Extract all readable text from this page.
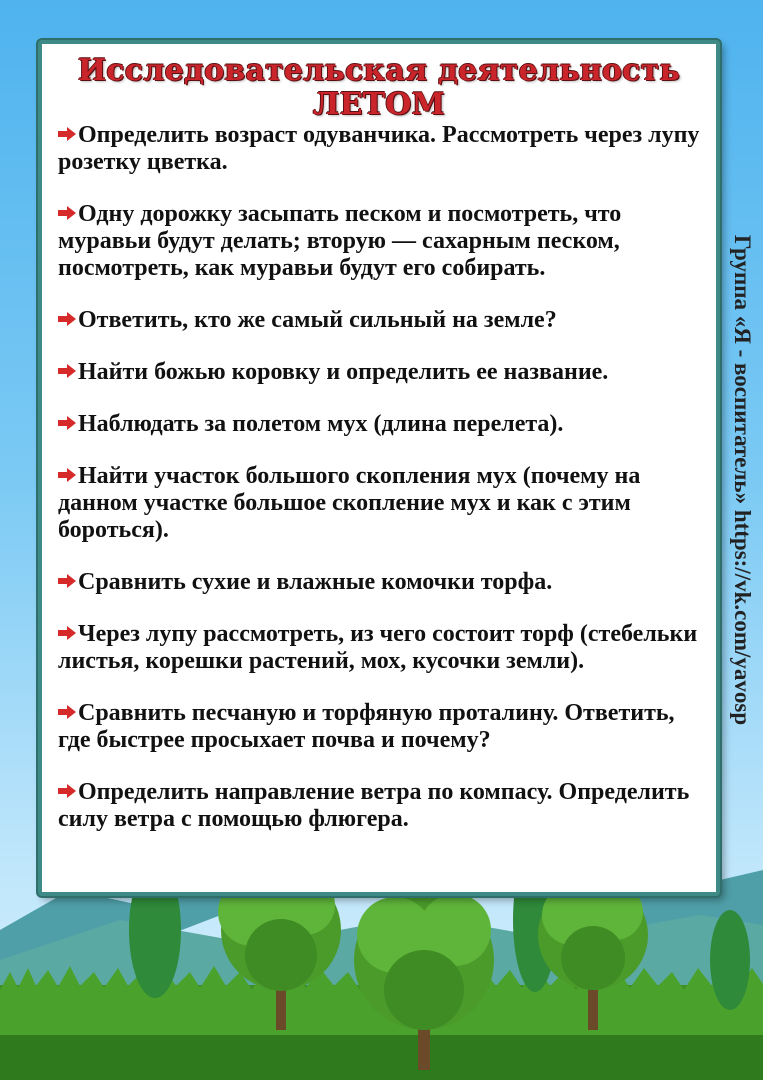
Исследовательская деятельность
ЛЕТОМ
Определить возраст одуванчика. Рассмотреть через лупу розетку цветка.
Одну дорожку засыпать песком и посмотреть, что муравьи будут делать; вторую — сахарным песком, посмотреть, как муравьи будут его собирать.
Ответить, кто же самый сильный на земле?
Найти божью коровку и определить ее название.
Наблюдать за полетом мух (длина перелета).
Найти участок большого скопления мух (почему на данном участке большое скопление мух и как с этим бороться).
Сравнить сухие и влажные комочки торфа.
Через лупу рассмотреть, из чего состоит торф (стебельки листья, корешки растений, мох, кусочки земли).
Сравнить песчаную и торфяную проталину. Ответить, где быстрее просыхает почва и почему?
Определить направление ветра по компасу. Определить силу ветра с помощью флюгера.
Группа «Я - воспитатель» https://vk.com/yavosp
